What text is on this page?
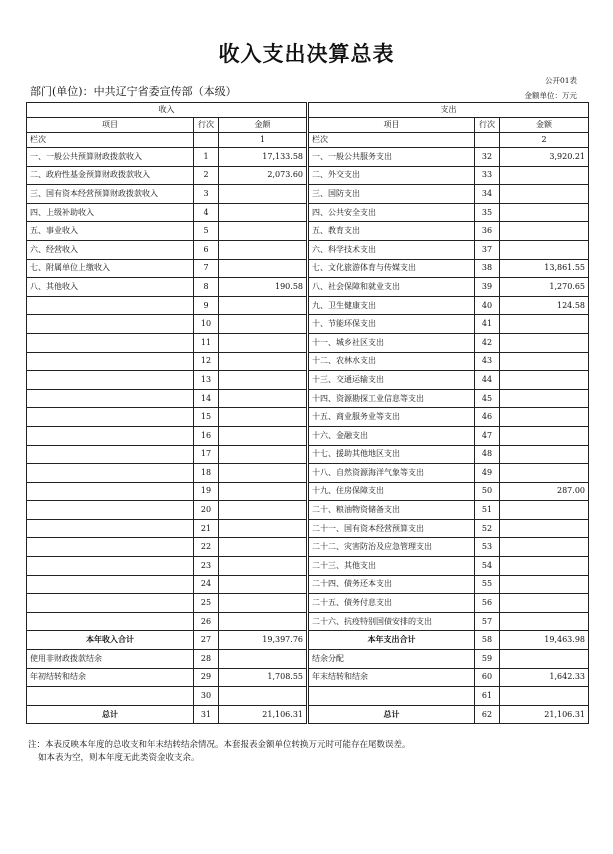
收入支出决算总表
公开01表
部门(单位)：中共辽宁省委宣传部（本级）	金额单位：万元
收入			支出		
项目	行次	金额	项目	行次	金额
栏次		1	栏次		2
一、一般公共预算财政拨款收入	1	17,133.58	一、一般公共服务支出	32	3,920.21
二、政府性基金预算财政拨款收入	2	2,073.60	二、外交支出	33	
三、国有资本经营预算财政拨款收入	3		三、国防支出	34	
四、上级补助收入	4		四、公共安全支出	35	
五、事业收入	5		五、教育支出	36	
六、经营收入	6		六、科学技术支出	37	
七、附属单位上缴收入	7		七、文化旅游体育与传媒支出	38	13,861.55
八、其他收入	8	190.58	八、社会保障和就业支出	39	1,270.65
	9		九、卫生健康支出	40	124.58
	10		十、节能环保支出	41	
	11		十一、城乡社区支出	42	
	12		十二、农林水支出	43	
	13		十三、交通运输支出	44	
	14		十四、资源勘探工业信息等支出	45	
	15		十五、商业服务业等支出	46	
	16		十六、金融支出	47	
	17		十七、援助其他地区支出	48	
	18		十八、自然资源海洋气象等支出	49	
	19		十九、住房保障支出	50	287.00
	20		二十、粮油物资储备支出	51	
	21		二十一、国有资本经营预算支出	52	
	22		二十二、灾害防治及应急管理支出	53	
	23		二十三、其他支出	54	
	24		二十四、债务还本支出	55	
	25		二十五、债务付息支出	56	
	26		二十六、抗疫特别国债安排的支出	57	
本年收入合计	27	19,397.76	本年支出合计	58	19,463.98
使用非财政拨款结余	28		结余分配	59	
年初结转和结余	29	1,708.55	年末结转和结余	60	1,642.33
	30			61	
总计	31	21,106.31	总计	62	21,106.31
注：本表反映本年度的总收支和年末结转结余情况。本套报表金额单位转换万元时可能存在尾数误差。
如本表为空，则本年度无此类资金收支余。
